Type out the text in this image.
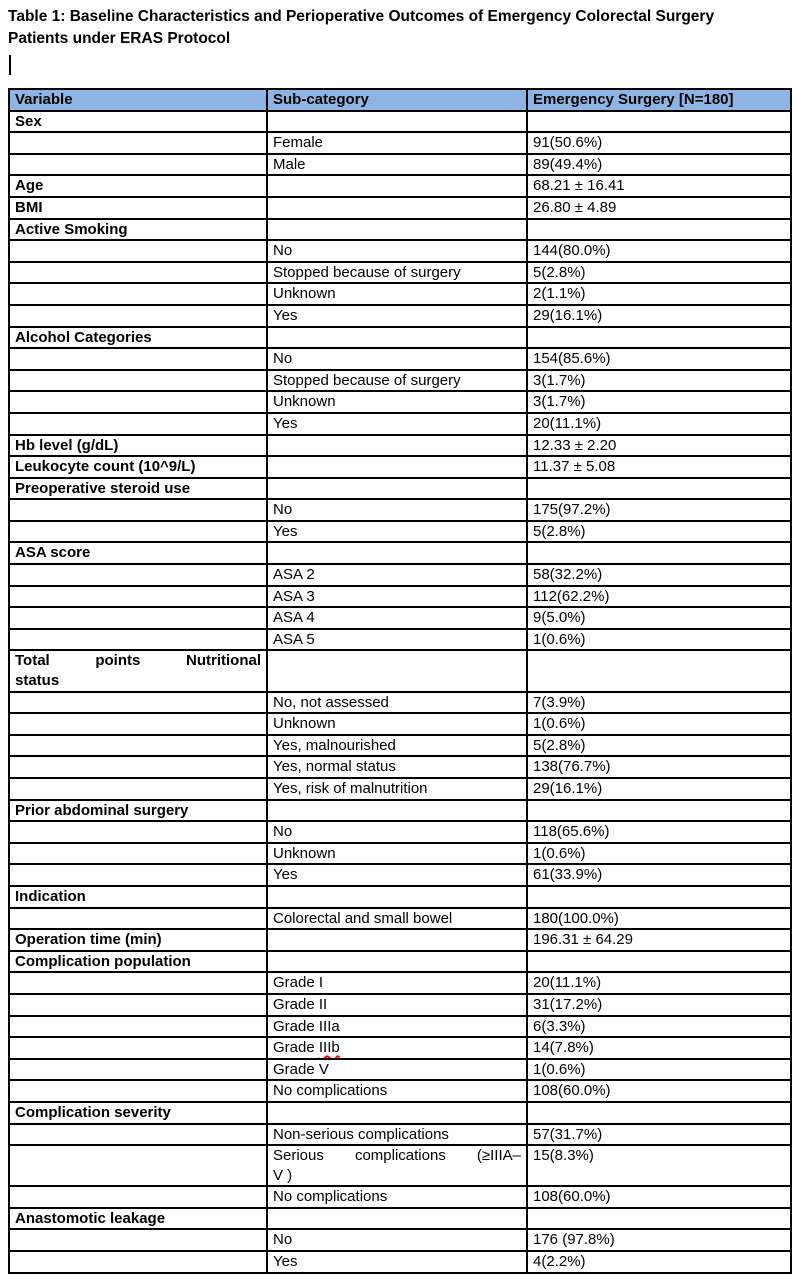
Table 1: Baseline Characteristics and Perioperative Outcomes of Emergency Colorectal Surgery
Patients under ERAS Protocol
Variable	Sub-category	Emergency Surgery [N=180]
Sex		
	Female	91(50.6%)
	Male	89(49.4%)
Age		68.21 ± 16.41
BMI		26.80 ± 4.89
Active Smoking		
	No	144(80.0%)
	Stopped because of surgery	5(2.8%)
	Unknown	2(1.1%)
	Yes	29(16.1%)
Alcohol Categories		
	No	154(85.6%)
	Stopped because of surgery	3(1.7%)
	Unknown	3(1.7%)
	Yes	20(11.1%)
Hb level (g/dL)		12.33 ± 2.20
Leukocyte count (10^9/L)		11.37 ± 5.08
Preoperative steroid use		
	No	175(97.2%)
	Yes	5(2.8%)
ASA score		
	ASA 2	58(32.2%)
	ASA 3	112(62.2%)
	ASA 4	9(5.0%)
	ASA 5	1(0.6%)

Total points Nutritional
status		

	No, not assessed	7(3.9%)
	Unknown	1(0.6%)
	Yes, malnourished	5(2.8%)
	Yes, normal status	138(76.7%)
	Yes, risk of malnutrition	29(16.1%)
Prior abdominal surgery		
	No	118(65.6%)
	Unknown	1(0.6%)
	Yes	61(33.9%)
Indication		
	Colorectal and small bowel	180(100.0%)
Operation time (min)		196.31 ± 64.29
Complication population		
	Grade I	20(11.1%)
	Grade II	31(17.2%)
	Grade IIIa	6(3.3%)
	Grade IIIb	14(7.8%)
	Grade V	1(0.6%)
	No complications	108(60.0%)
Complication severity		
	Non-serious complications	57(31.7%)

	Serious complications (≥IIIA–
V )	15(8.3%)
	No complications	108(60.0%)
Anastomotic leakage		
	No	176 (97.8%)
	Yes	4(2.2%)
